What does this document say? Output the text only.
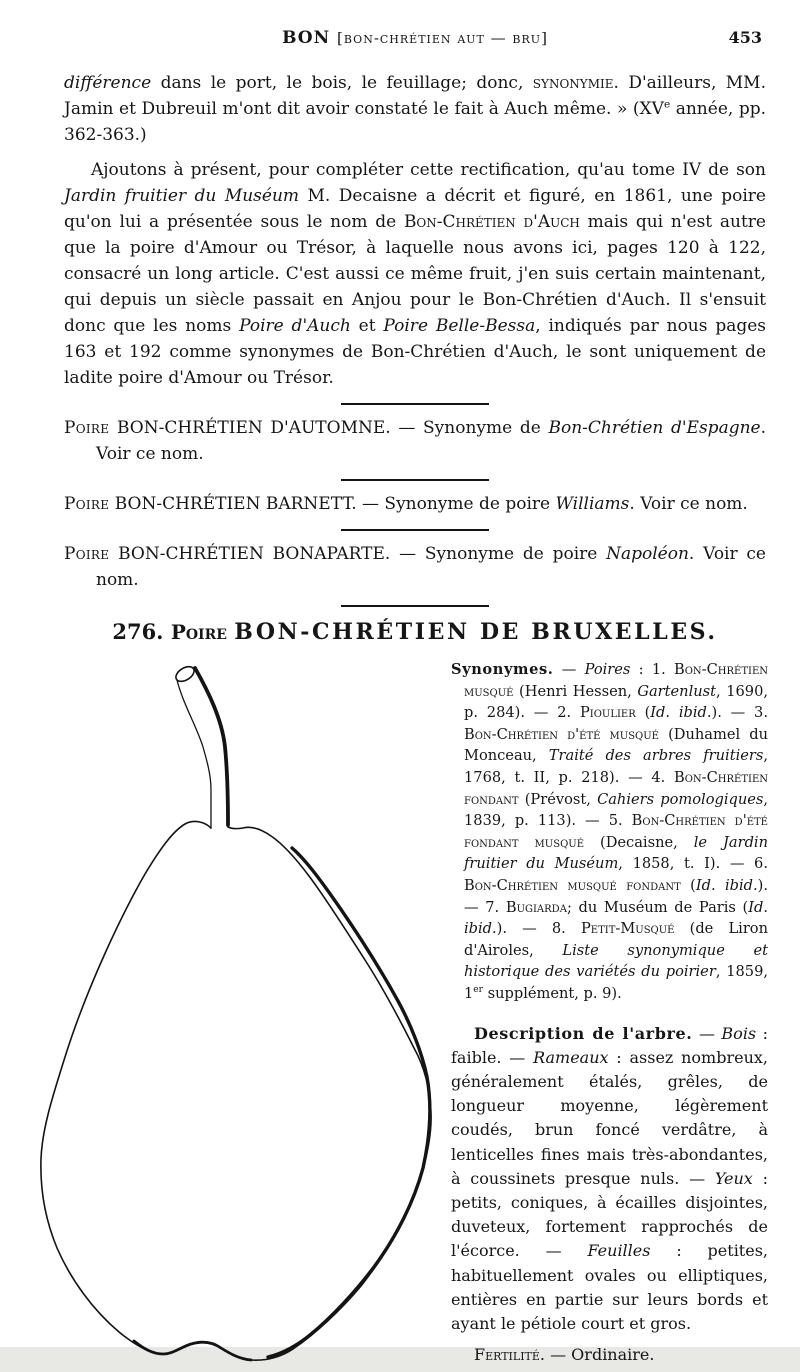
BON [bon-chrétien aut — bru]	453

différence dans le port, le bois, le feuillage; donc, synonymie. D'ailleurs, MM. Jamin et Dubreuil m'ont dit avoir constaté le fait à Auch même. » (XVe année, pp. 362-363.)

Ajoutons à présent, pour compléter cette rectification, qu'au tome IV de son Jardin fruitier du Muséum M. Decaisne a décrit et figuré, en 1861, une poire qu'on lui a présentée sous le nom de Bon-Chrétien d'Auch mais qui n'est autre que la poire d'Amour ou Trésor, à laquelle nous avons ici, pages 120 à 122, consacré un long article. C'est aussi ce même fruit, j'en suis certain maintenant, qui depuis un siècle passait en Anjou pour le Bon-Chrétien d'Auch. Il s'ensuit donc que les noms Poire d'Auch et Poire Belle-Bessa, indiqués par nous pages 163 et 192 comme synonymes de Bon-Chrétien d'Auch, le sont uniquement de ladite poire d'Amour ou Trésor.

Poire BON-CHRÉTIEN D'AUTOMNE. — Synonyme de Bon-Chrétien d'Espagne. Voir ce nom.

Poire BON-CHRÉTIEN BARNETT. — Synonyme de poire Williams. Voir ce nom.

Poire BON-CHRÉTIEN BONAPARTE. — Synonyme de poire Napoléon. Voir ce nom.

276. Poire BON-CHRÉTIEN DE BRUXELLES.

Synonymes. — Poires : 1. Bon-Chrétien musqué (Henri Hessen, Gartenlust, 1690, p. 284). — 2. Pioulier (Id. ibid.). — 3. Bon-Chrétien d'été musqué (Duhamel du Monceau, Traité des arbres fruitiers, 1768, t. II, p. 218). — 4. Bon-Chrétien fondant (Prévost, Cahiers pomologiques, 1839, p. 113). — 5. Bon-Chrétien d'été fondant musqué (Decaisne, le Jardin fruitier du Muséum, 1858, t. I). — 6. Bon-Chrétien musqué fondant (Id. ibid.). — 7. Bugiarda; du Muséum de Paris (Id. ibid.). — 8. Petit-Musqué (de Liron d'Airoles, Liste synonymique et historique des variétés du poirier, 1859, 1er supplément, p. 9).

Description de l'arbre. — Bois : faible. — Rameaux : assez nombreux, généralement étalés, grêles, de longueur moyenne, légèrement coudés, brun foncé verdâtre, à lenticelles fines mais très-abondantes, à coussinets presque nuls. — Yeux : petits, coniques, à écailles disjointes, duveteux, fortement rapprochés de l'écorce. — Feuilles : petites, habituellement ovales ou elliptiques, entières en partie sur leurs bords et ayant le pétiole court et gros.

Fertilité. — Ordinaire.
